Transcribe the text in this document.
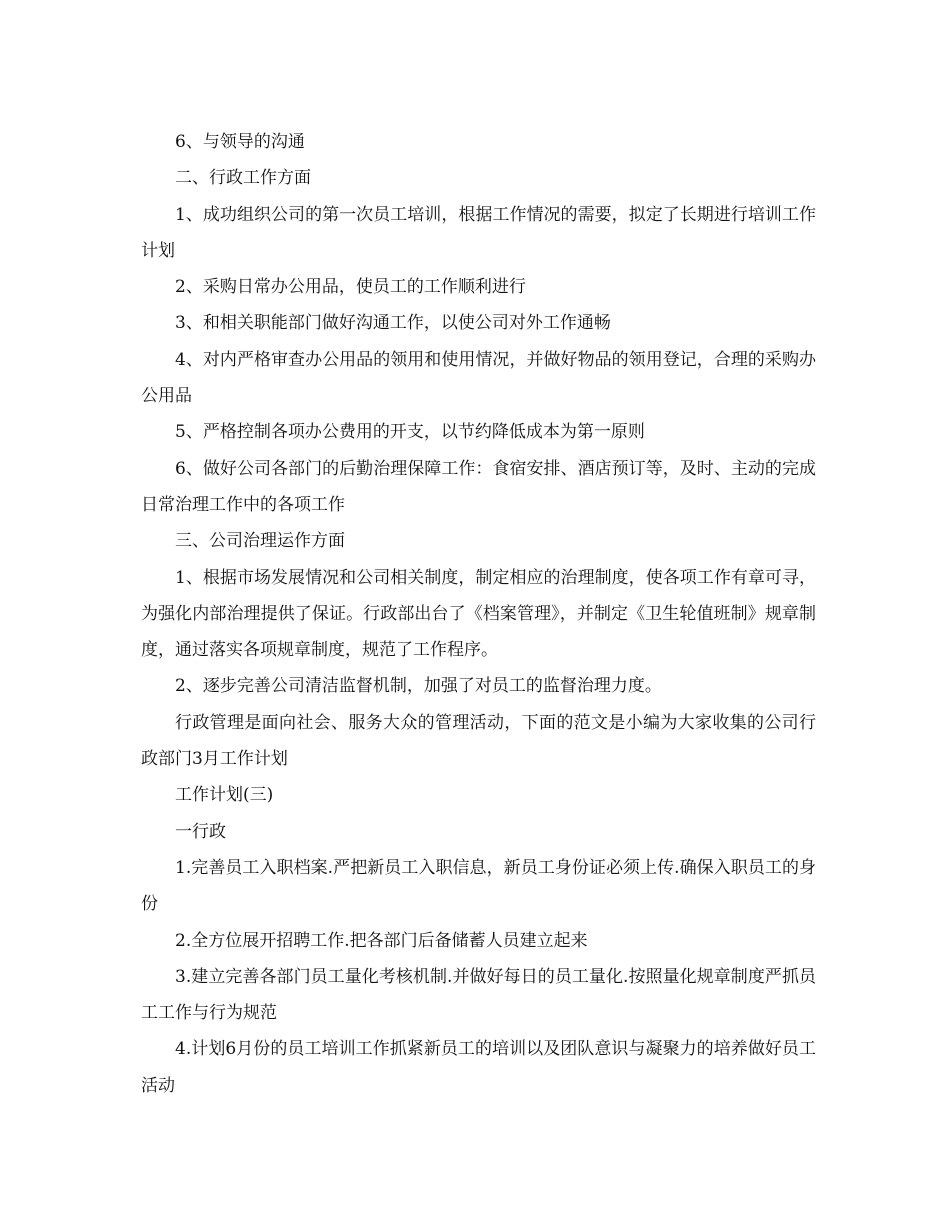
6、与领导的沟通

二、行政工作方面

1、成功组织公司的第一次员工培训，根据工作情况的需要，拟定了长期进行培训工作计划

2、采购日常办公用品，使员工的工作顺利进行

3、和相关职能部门做好沟通工作，以使公司对外工作通畅

4、对内严格审查办公用品的领用和使用情况，并做好物品的领用登记，合理的采购办公用品

5、严格控制各项办公费用的开支，以节约降低成本为第一原则

6、做好公司各部门的后勤治理保障工作：食宿安排、酒店预订等，及时、主动的完成日常治理工作中的各项工作

三、公司治理运作方面

1、根据市场发展情况和公司相关制度，制定相应的治理制度，使各项工作有章可寻，为强化内部治理提供了保证。行政部出台了《档案管理》，并制定《卫生轮值班制》规章制度，通过落实各项规章制度，规范了工作程序。

2、逐步完善公司清洁监督机制，加强了对员工的监督治理力度。

行政管理是面向社会、服务大众的管理活动，下面的范文是小编为大家收集的公司行政部门3月工作计划

工作计划(三)

一行政

1.完善员工入职档案.严把新员工入职信息，新员工身份证必须上传.确保入职员工的身份

2.全方位展开招聘工作.把各部门后备储蓄人员建立起来

3.建立完善各部门员工量化考核机制.并做好每日的员工量化.按照量化规章制度严抓员工工作与行为规范

4.计划6月份的员工培训工作抓紧新员工的培训以及团队意识与凝聚力的培养做好员工活动
